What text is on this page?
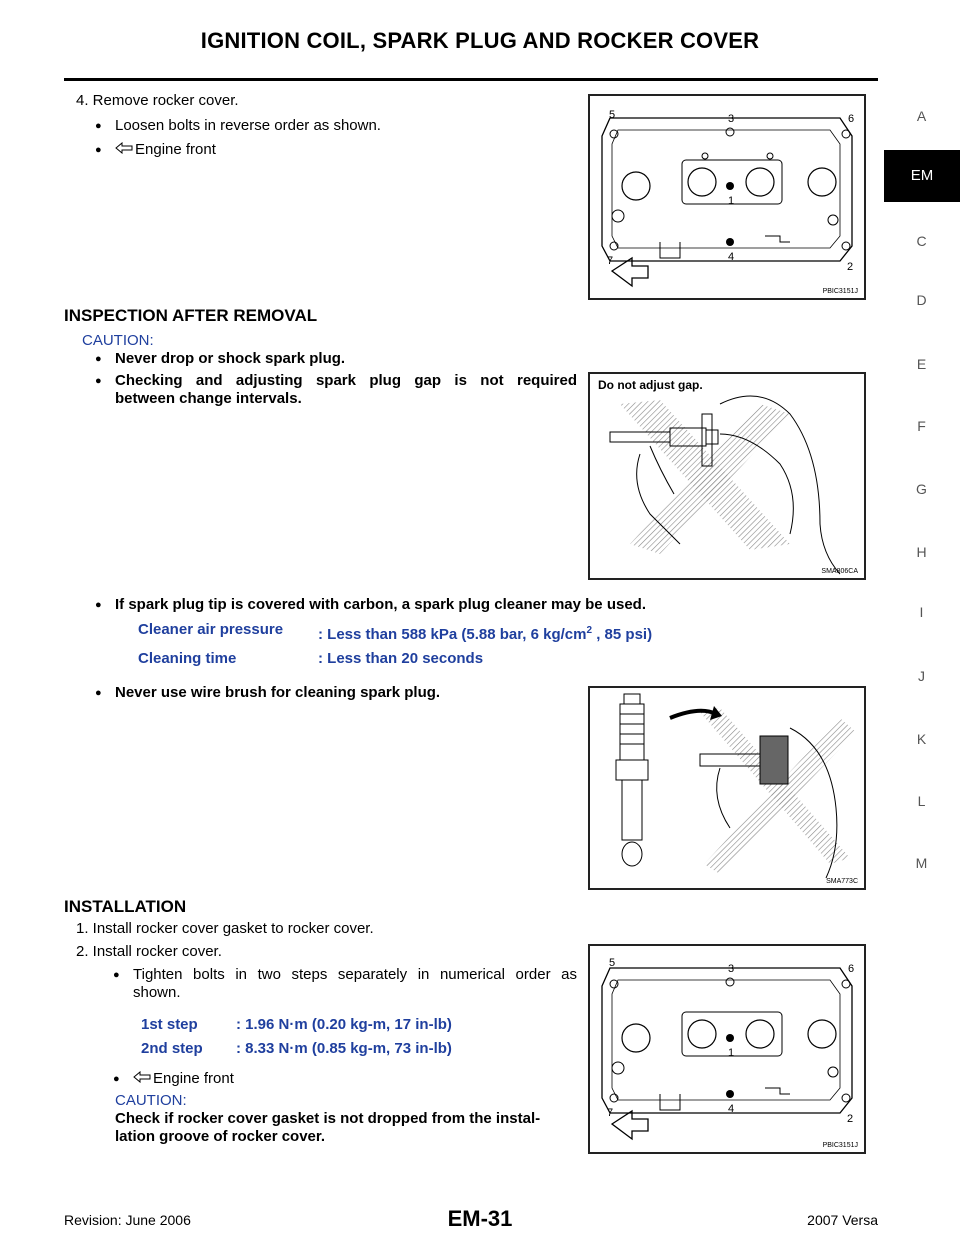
IGNITION COIL, SPARK PLUG AND ROCKER COVER
A
EM
C
D
E
F
G
H
I
J
K
L
M
4. Remove rocker cover.
● Loosen bolts in reverse order as shown.
● Engine front
5	3	6
1
7	4
2
PBIC3151J
INSPECTION AFTER REMOVAL
CAUTION:
● Never drop or shock spark plug.
● Checking and adjusting spark plug gap is not required
between change intervals.
Do not adjust gap.
SMA806CA
● If spark plug tip is covered with carbon, a spark plug cleaner may be used.
Cleaner air pressure : Less than 588 kPa (5.88 bar, 6 $kg/cm^2$ , 85 psi)
Cleaning time	: Less than 20 seconds
● Never use wire brush for cleaning spark plug.
SMA773C
INSTALLATION
1. Install rocker cover gasket to rocker cover.
2. Install rocker cover.
● Tighten bolts in two steps separately in numerical order as
shown.
1st step	: 1.96 N·m (0.20 kg-m, 17 in-lb)
2nd step : 8.33 N·m (0.85 kg-m, 73 in-lb)
● Engine front
CAUTION:
Check if rocker cover gasket is not dropped from the instal-
lation groove of rocker cover.
5	3	6
1
7	4
2
PBIC3151J
Revision: June 2006	EM-31	2007 Versa
